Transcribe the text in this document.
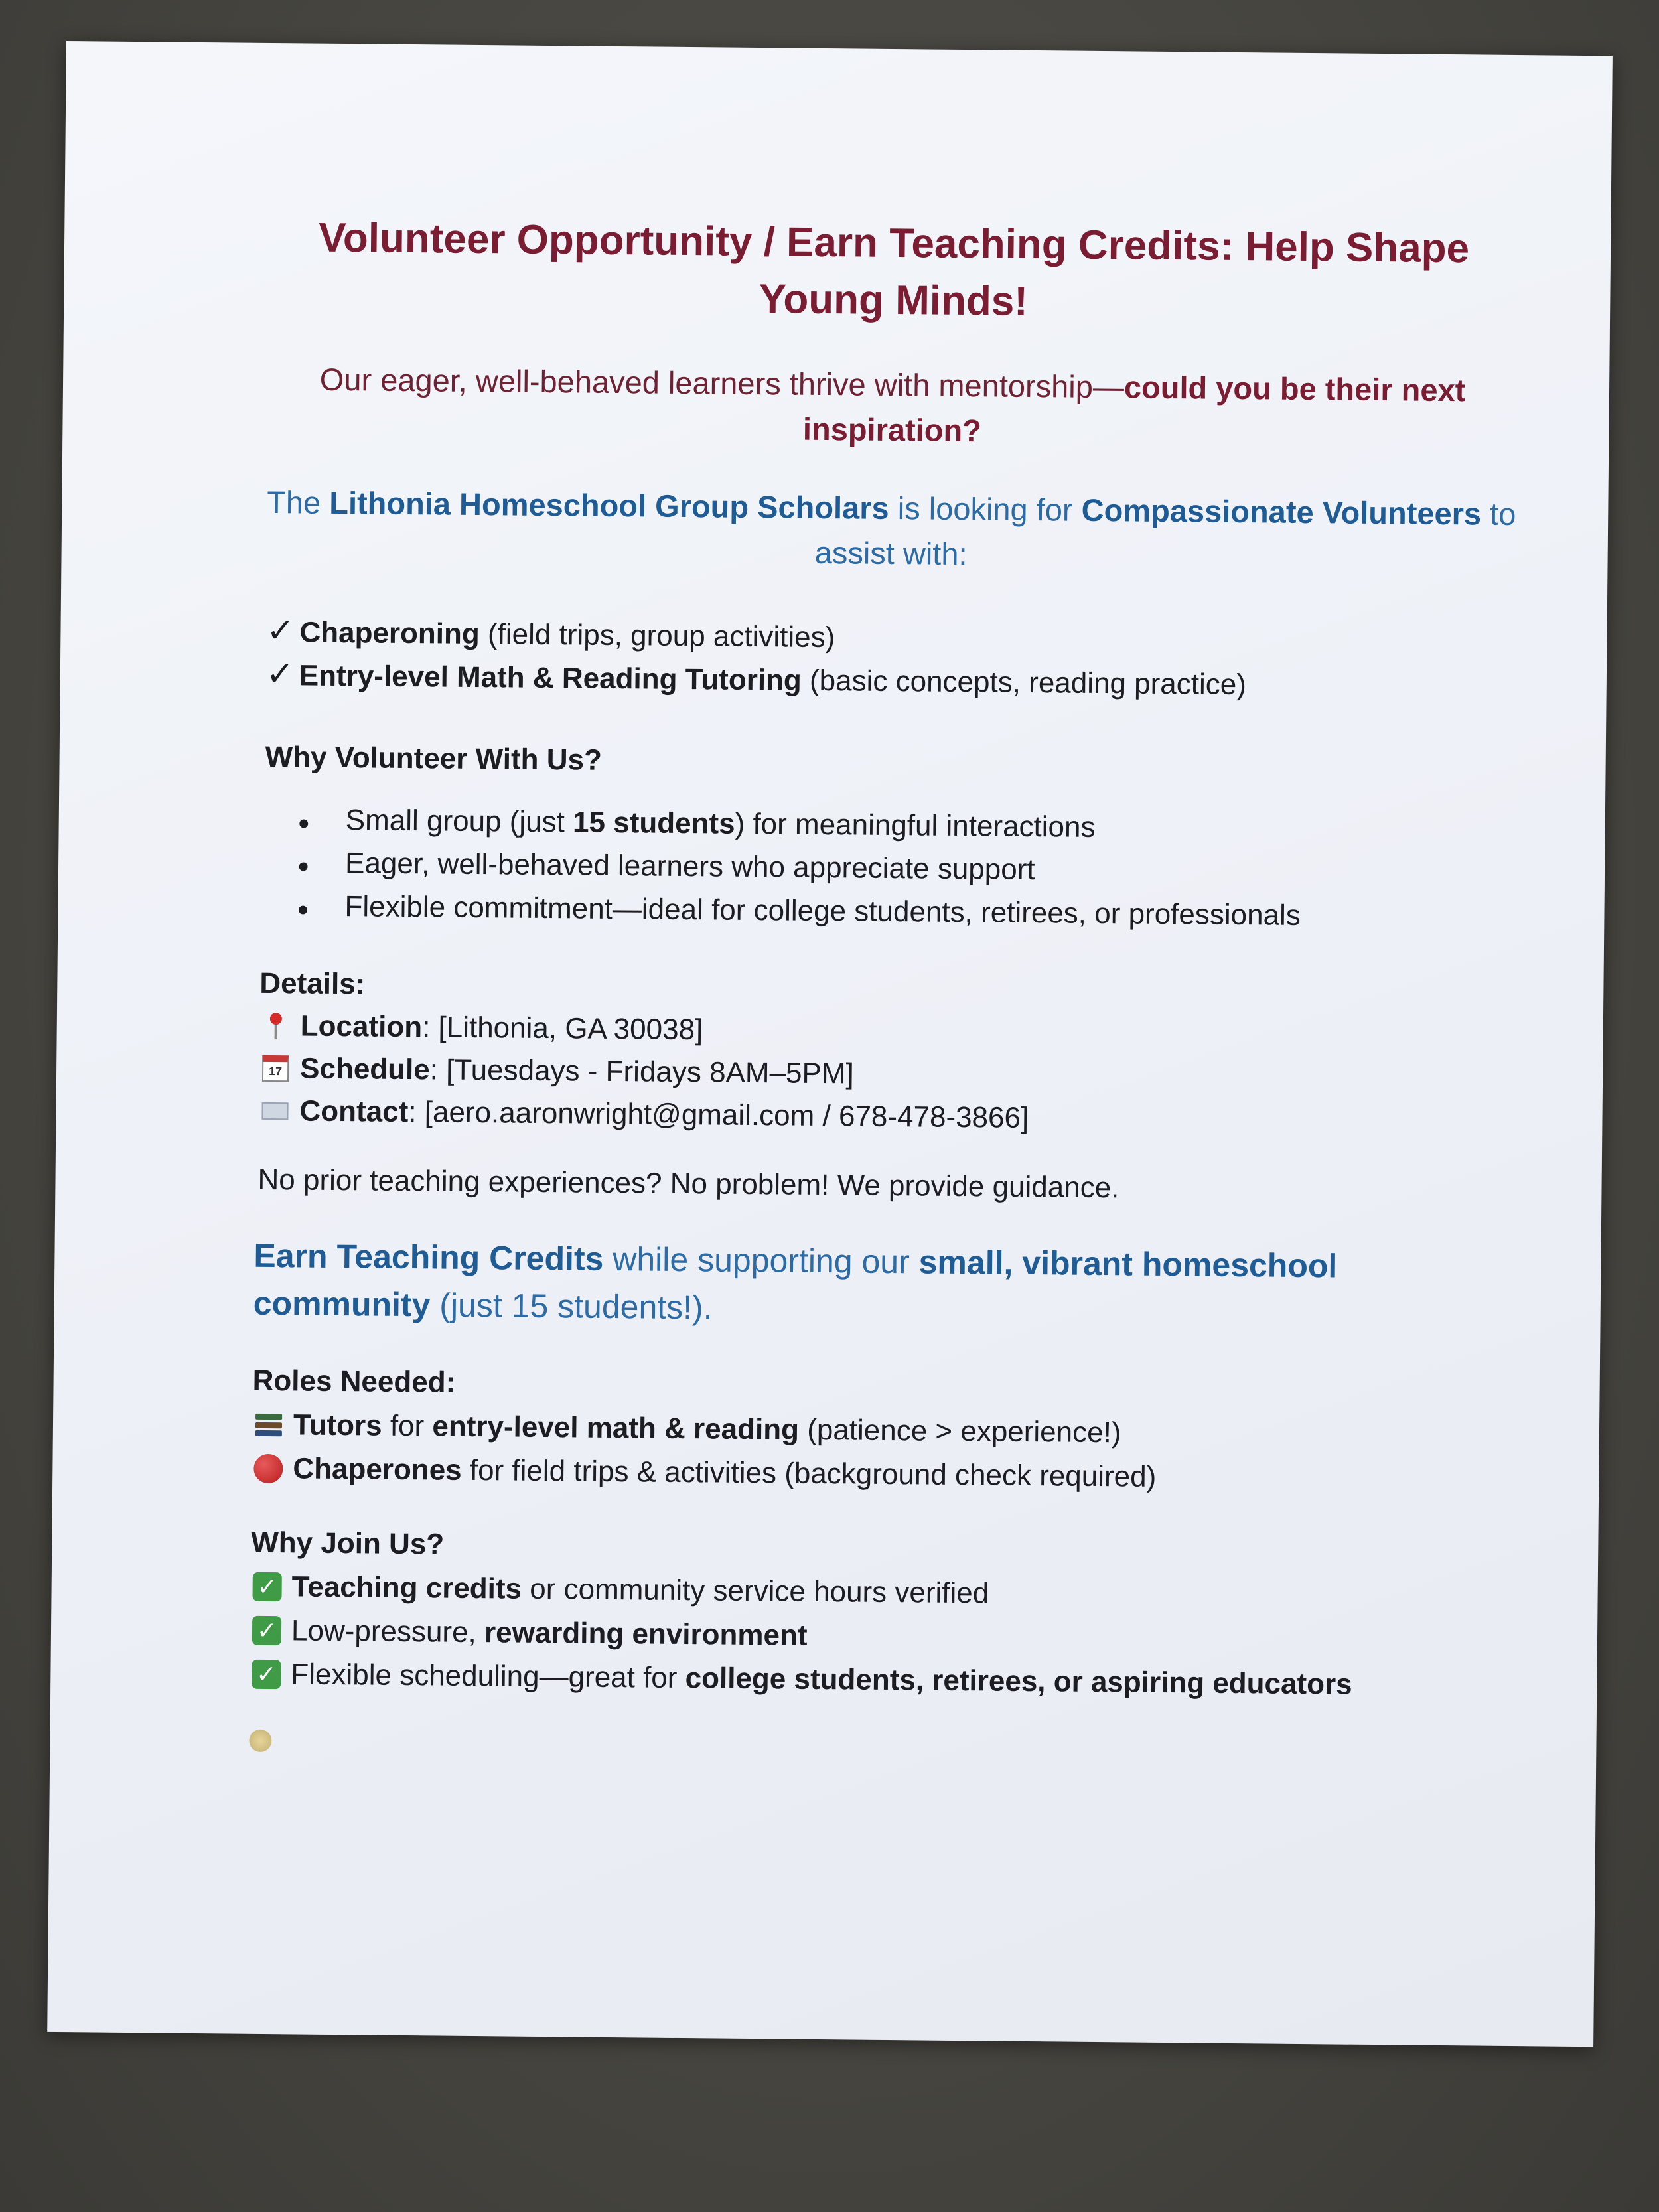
Volunteer Opportunity / Earn Teaching Credits: Help Shape Young Minds!
Our eager, well-behaved learners thrive with mentorship—could you be their next inspiration?
The Lithonia Homeschool Group Scholars is looking for Compassionate Volunteers to assist with:
✓ Chaperoning (field trips, group activities)
✓ Entry-level Math & Reading Tutoring (basic concepts, reading practice)
Why Volunteer With Us?
●	Small group (just 15 students) for meaningful interactions
●	Eager, well-behaved learners who appreciate support
●	Flexible commitment—ideal for college students, retirees, or professionals
Details:
Location : [Lithonia, GA 30038]
17 Schedule : [Tuesdays - Fridays 8AM–5PM]
Contact : [aero.aaronwright@gmail.com / 678-478-3866]
No prior teaching experiences? No problem! We provide guidance.
Earn Teaching Credits while supporting our small, vibrant homeschool community (just 15 students!).
Roles Needed:
Tutors for entry-level math & reading (patience > experience!)
Chaperones for field trips & activities (background check required)
Why Join Us?
✓ Teaching credits or community service hours verified
✓ Low-pressure, rewarding environment
✓ Flexible scheduling—great for college students, retirees, or aspiring educators
